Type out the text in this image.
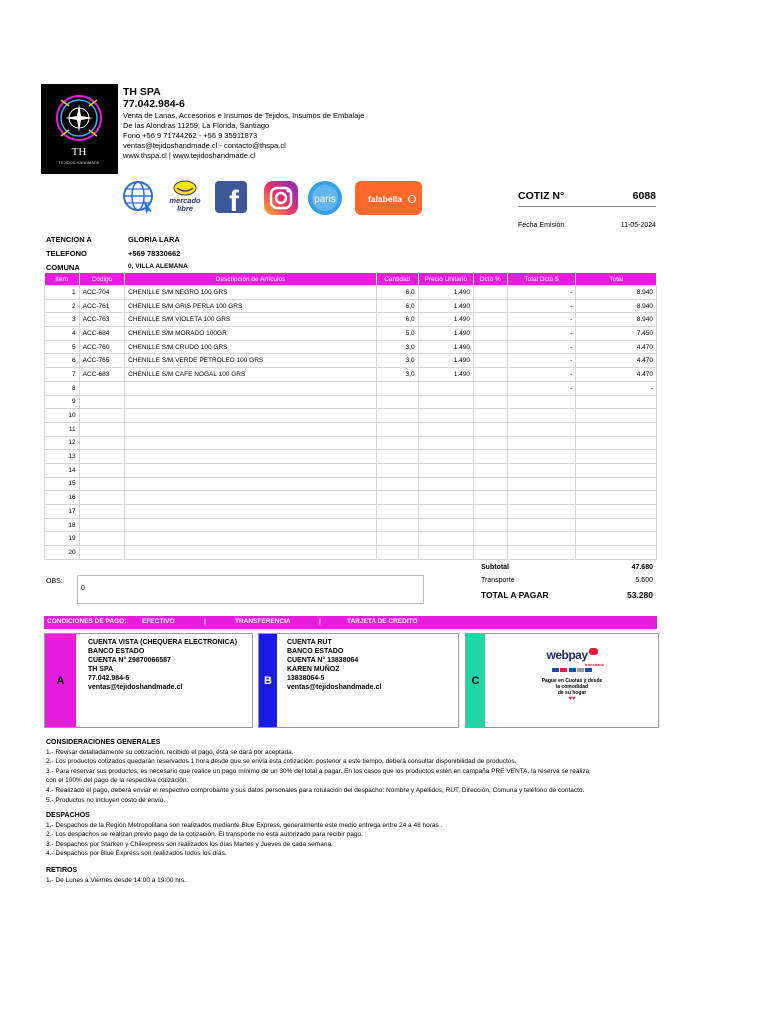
TH
TEJIDOS HANDMADE
TH SPA
77.042.984-6
Venta de Lanas, Accesorios e Insumos de Tejidos, Insumos de Embalaje
De las Alondras 11259, La Florida, Santiago
Fono +56 9 71744262 - +56 9 35911873
ventas@tejidoshandmade.cl - contacto@thspa.cl
www.thspa.cl | www.tejidoshandmade.cl
mercado
libre f	paris	falabella	COTIZ N°	6088
Fecha Emisión	11-05-2024
ATENCION A	GLORIA LARA
TELEFONO	+569 78330662
COMUNA	0, VILLA ALEMANA
Item	Código	Descripción de Artículos	Cantidad	Precio Unitario	Dcto %	Total Dcto $	Total
1	ACC-704	CHENILLE S/M NEGRO 100 GRS	6,0	1.490		-	8.940
2	ACC-761	CHENILLE S/M GRIS PERLA 100 GRS	6,0	1.490		-	8.940
3	ACC-763	CHENILLE S/M VIOLETA 100 GRS	6,0	1.490		-	8.940
4	ACC-684	CHENILLE S/M MORADO 100GR	5,0	1.490		-	7.450
5	ACC-760	CHENILLE S/M CRUDO 100 GRS	3,0	1.490		-	4.470
6	ACC-765	CHENILLE S/M VERDE PETROLEO 100 GRS	3,0	1.490		-	4.470
7	ACC-683	CHENILLE S/M CAFE NOGAL 100 GRS	3,0	1.490		-	4.470
8						-	-
9							
10							
11							
12							
13							
14							
15							
16							
17							
18							
19							
20							
OBS:
0
Subtotal	47.680
Transporte	5.600
TOTAL A PAGAR	53.280
CONDICIONES DE PAGO: EFECTIVO	|	TRANSFERENCIA	|	TARJETA DE CREDITO
A
CUENTA VISTA (CHEQUERA ELECTRONICA)
BANCO ESTADO
CUENTA N° 29870066587
TH SPA
77.042.984-6
ventas@tejidoshandmade.cl
B
CUENTA RUT
BANCO ESTADO
CUENTA N° 13838064
KAREN MUÑOZ
13838064-5
ventas@tejidoshandmade.cl
C
webpay
transbank

Pague en Cuotas y desde
la comodidad
de su hogar
♥♥
CONSIDERACIONES GENERALES
1.- Revisar detalladamente su cotización, recibido el pago, ésta se dará por aceptada.
2.- Los productos cotizados quedarán reservados 1 hora desde que se envía esta cotización; posterior a este tiempo, deberá consultar disponibilidad de productos.
3.- Para reservar sus productos, es necesario que realice un pago mínimo de un 30% del total a pagar. En los casos que los productos estén en campaña PRE VENTA, la reserva se realiza
con el 100% del pago de la respectiva cotización.
4.- Realizado el pago, deberá enviar el respectivo comprobante y sus datos personales para rotulación del despacho: Nombre y Apellidos, RUT, Dirección, Comuna y teléfono de contacto.
5.- Productos no incluyen costo de envío.
DESPACHOS
1.- Despachos de la Región Metropolitana son realizados mediante Blue Express, generalmente este medio entrega entre 24 a 48 horas .
2.- Los despachos se realizan previo pago de la cotización. El transporte no está autorizado para recibir pago.
3.- Despachos por Starken y Chilexpress son realizados los días Martes y Jueves de cada semana.
4.- Despachos por Blue Express son realizados todos los días.
RETIROS
1.- De Lunes a Viernes desde 14:00 a 19:00 hrs.
